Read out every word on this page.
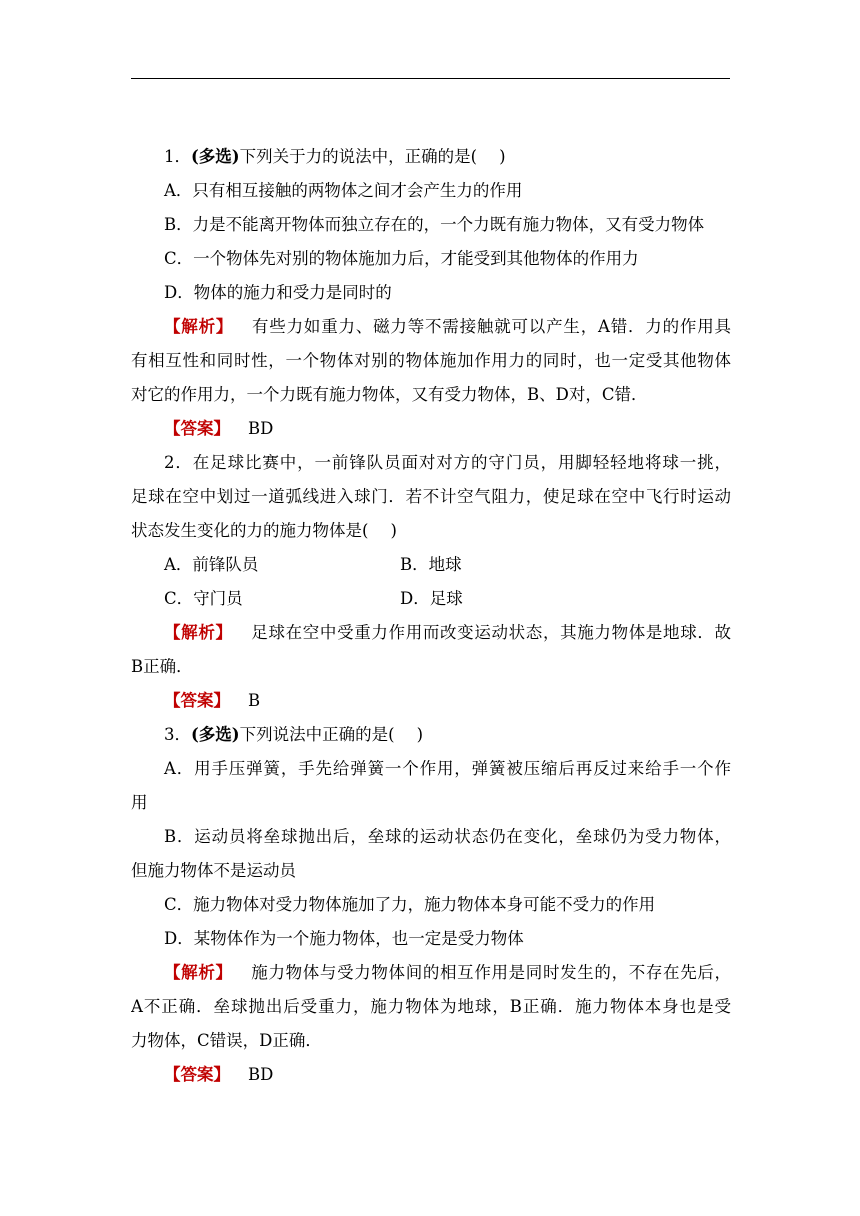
1．(多选)下列关于力的说法中，正确的是( )

A．只有相互接触的两物体之间才会产生力的作用

B．力是不能离开物体而独立存在的，一个力既有施力物体，又有受力物体

C．一个物体先对别的物体施加力后，才能受到其他物体的作用力

D．物体的施力和受力是同时的

【解析】 有些力如重力、磁力等不需接触就可以产生，A错．力的作用具

有相互性和同时性，一个物体对别的物体施加作用力的同时，也一定受其他物体

对它的作用力，一个力既有施力物体，又有受力物体，B、D对，C错．

【答案】 BD

2．在足球比赛中，一前锋队员面对对方的守门员，用脚轻轻地将球一挑，

足球在空中划过一道弧线进入球门．若不计空气阻力，使足球在空中飞行时运动

状态发生变化的力的施力物体是( )

A．前锋队员	B．地球
C．守门员	D．足球

【解析】 足球在空中受重力作用而改变运动状态，其施力物体是地球．故

B正确．

【答案】 B

3．(多选)下列说法中正确的是( )

A．用手压弹簧，手先给弹簧一个作用，弹簧被压缩后再反过来给手一个作

用

B．运动员将垒球抛出后，垒球的运动状态仍在变化，垒球仍为受力物体，

但施力物体不是运动员

C．施力物体对受力物体施加了力，施力物体本身可能不受力的作用

D．某物体作为一个施力物体，也一定是受力物体

【解析】 施力物体与受力物体间的相互作用是同时发生的，不存在先后，

A不正确．垒球抛出后受重力，施力物体为地球，B正确．施力物体本身也是受

力物体，C错误，D正确．

【答案】 BD
